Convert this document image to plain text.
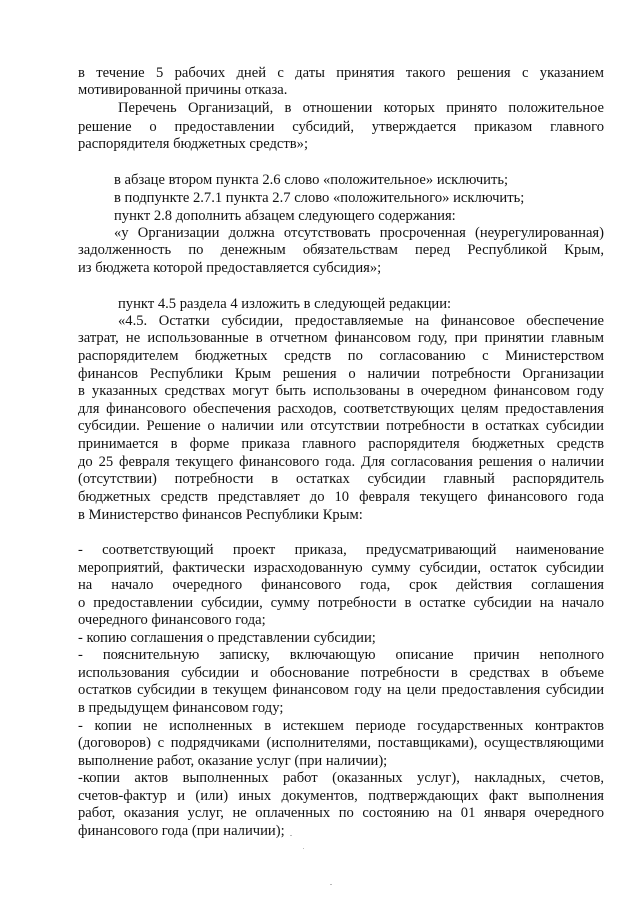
в течение 5 рабочих дней с даты принятия такого решения с указанием

мотивированной причины отказа.

Перечень Организаций, в отношении которых принято положительное

решение о предоставлении субсидий, утверждается приказом главного

распорядителя бюджетных средств»;

в абзаце втором пункта 2.6 слово «положительное» исключить;

в подпункте 2.7.1 пункта 2.7 слово «положительного» исключить;

пункт 2.8 дополнить абзацем следующего содержания:

«у Организации должна отсутствовать просроченная (неурегулированная)

задолженность по денежным обязательствам перед Республикой Крым,

из бюджета которой предоставляется субсидия»;

пункт 4.5 раздела 4 изложить в следующей редакции:

«4.5. Остатки субсидии, предоставляемые на финансовое обеспечение

затрат, не использованные в отчетном финансовом году, при принятии главным

распорядителем бюджетных средств по согласованию с Министерством

финансов Республики Крым решения о наличии потребности Организации

в указанных средствах могут быть использованы в очередном финансовом году

для финансового обеспечения расходов, соответствующих целям предоставления

субсидии. Решение о наличии или отсутствии потребности в остатках субсидии

принимается в форме приказа главного распорядителя бюджетных средств

до 25 февраля текущего финансового года. Для согласования решения о наличии

(отсутствии) потребности в остатках субсидии главный распорядитель

бюджетных средств представляет до 10 февраля текущего финансового года

в Министерство финансов Республики Крым:

- соответствующий проект приказа, предусматривающий наименование

мероприятий, фактически израсходованную сумму субсидии, остаток субсидии

на начало очередного финансового года, срок действия соглашения

о предоставлении субсидии, сумму потребности в остатке субсидии на начало

очередного финансового года;

- копию соглашения о представлении субсидии;

- пояснительную записку, включающую описание причин неполного

использования субсидии и обоснование потребности в средствах в объеме

остатков субсидии в текущем финансовом году на цели предоставления субсидии

в предыдущем финансовом году;

- копии не исполненных в истекшем периоде государственных контрактов

(договоров) с подрядчиками (исполнителями, поставщиками), осуществляющими

выполнение работ, оказание услуг (при наличии);

-копии актов выполненных работ (оказанных услуг), накладных, счетов,

счетов-фактур и (или) иных документов, подтверждающих факт выполнения

работ, оказания услуг, не оплаченных по состоянию на 01 января очередного

финансового года (при наличии);
